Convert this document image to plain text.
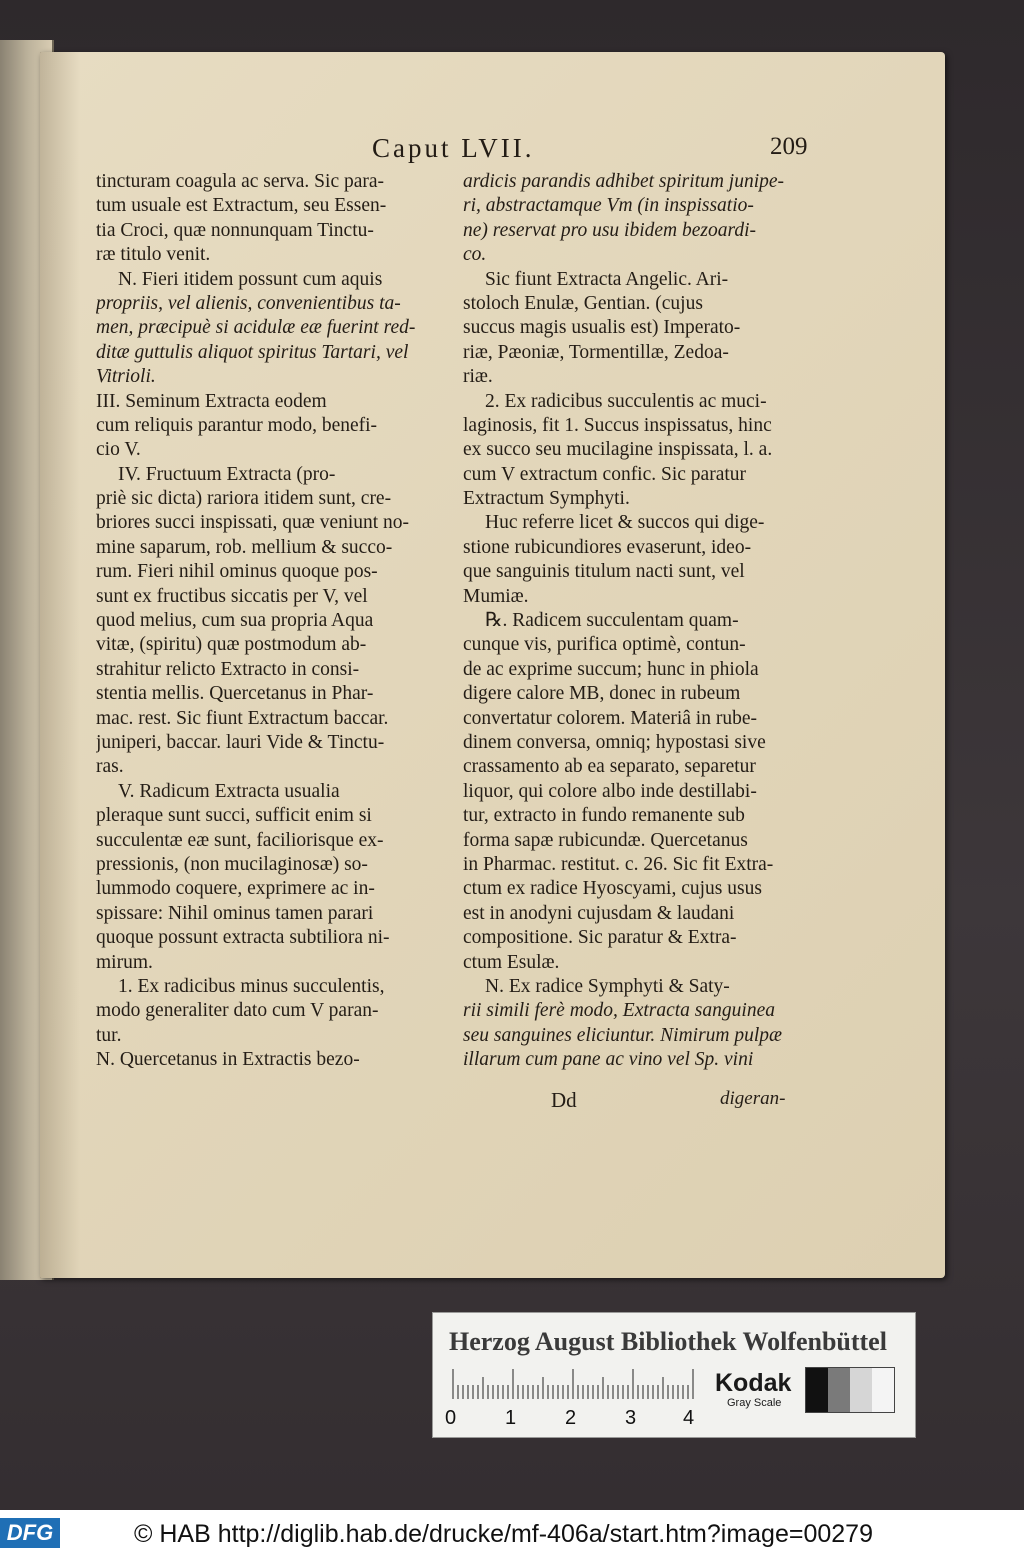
Caput LVII.	209
tincturam coagula ac serva. Sic para-
tum usuale est Extractum, seu Essen-
tia Croci, quæ nonnunquam Tinctu-
ræ titulo venit.
N. Fieri itidem possunt cum aquis
propriis, vel alienis, convenientibus ta-
men, præcipuè si acidulæ eæ fuerint red-
ditæ guttulis aliquot spiritus Tartari, vel
Vitrioli.
III. Seminum Extracta eodem
cum reliquis parantur modo, benefi-
cio V.
IV. Fructuum Extracta (pro-
priè sic dicta) rariora itidem sunt, cre-
briores succi inspissati, quæ veniunt no-
mine saparum, rob. mellium & succo-
rum. Fieri nihil ominus quoque pos-
sunt ex fructibus siccatis per V, vel
quod melius, cum sua propria Aqua
vitæ, (spiritu) quæ postmodum ab-
strahitur relicto Extracto in consi-
stentia mellis. Quercetanus in Phar-
mac. rest. Sic fiunt Extractum baccar.
juniperi, baccar. lauri Vide & Tinctu-
ras.
V. Radicum Extracta usualia
pleraque sunt succi, sufficit enim si
succulentæ eæ sunt, faciliorisque ex-
pressionis, (non mucilaginosæ) so-
lummodo coquere, exprimere ac in-
spissare: Nihil ominus tamen parari
quoque possunt extracta subtiliora ni-
mirum.
1. Ex radicibus minus succulentis,
modo generaliter dato cum V paran-
tur.
N. Quercetanus in Extractis bezo-
ardicis parandis adhibet spiritum junipe-
ri, abstractamque Vm (in inspissatio-
ne) reservat pro usu ibidem bezoardi-
co.
Sic fiunt Extracta Angelic. Ari-
stoloch Enulæ, Gentian. (cujus
succus magis usualis est) Imperato-
riæ, Pæoniæ, Tormentillæ, Zedoa-
riæ.
2. Ex radicibus succulentis ac muci-
laginosis, fit 1. Succus inspissatus, hinc
ex succo seu mucilagine inspissata, l. a.
cum V extractum confic. Sic paratur
Extractum Symphyti.
Huc referre licet & succos qui dige-
stione rubicundiores evaserunt, ideo-
que sanguinis titulum nacti sunt, vel
Mumiæ.
℞. Radicem succulentam quam-
cunque vis, purifica optimè, contun-
de ac exprime succum; hunc in phiola
digere calore MB, donec in rubeum
convertatur colorem. Materiâ in rube-
dinem conversa, omniq; hypostasi sive
crassamento ab ea separato, separetur
liquor, qui colore albo inde destillabi-
tur, extracto in fundo remanente sub
forma sapæ rubicundæ. Quercetanus
in Pharmac. restitut. c. 26. Sic fit Extra-
ctum ex radice Hyoscyami, cujus usus
est in anodyni cujusdam & laudani
compositione. Sic paratur & Extra-
ctum Esulæ.
N. Ex radice Symphyti & Saty-
rii simili ferè modo, Extracta sanguinea
seu sanguines eliciuntur. Nimirum pulpæ
illarum cum pane ac vino vel Sp. vini
Dd	digeran-
Herzog August Bibliothek Wolfenbüttel
0 1 2 3 4
Kodak
Gray Scale
DFG	© HAB http://diglib.hab.de/drucke/mf-406a/start.htm?image=00279
